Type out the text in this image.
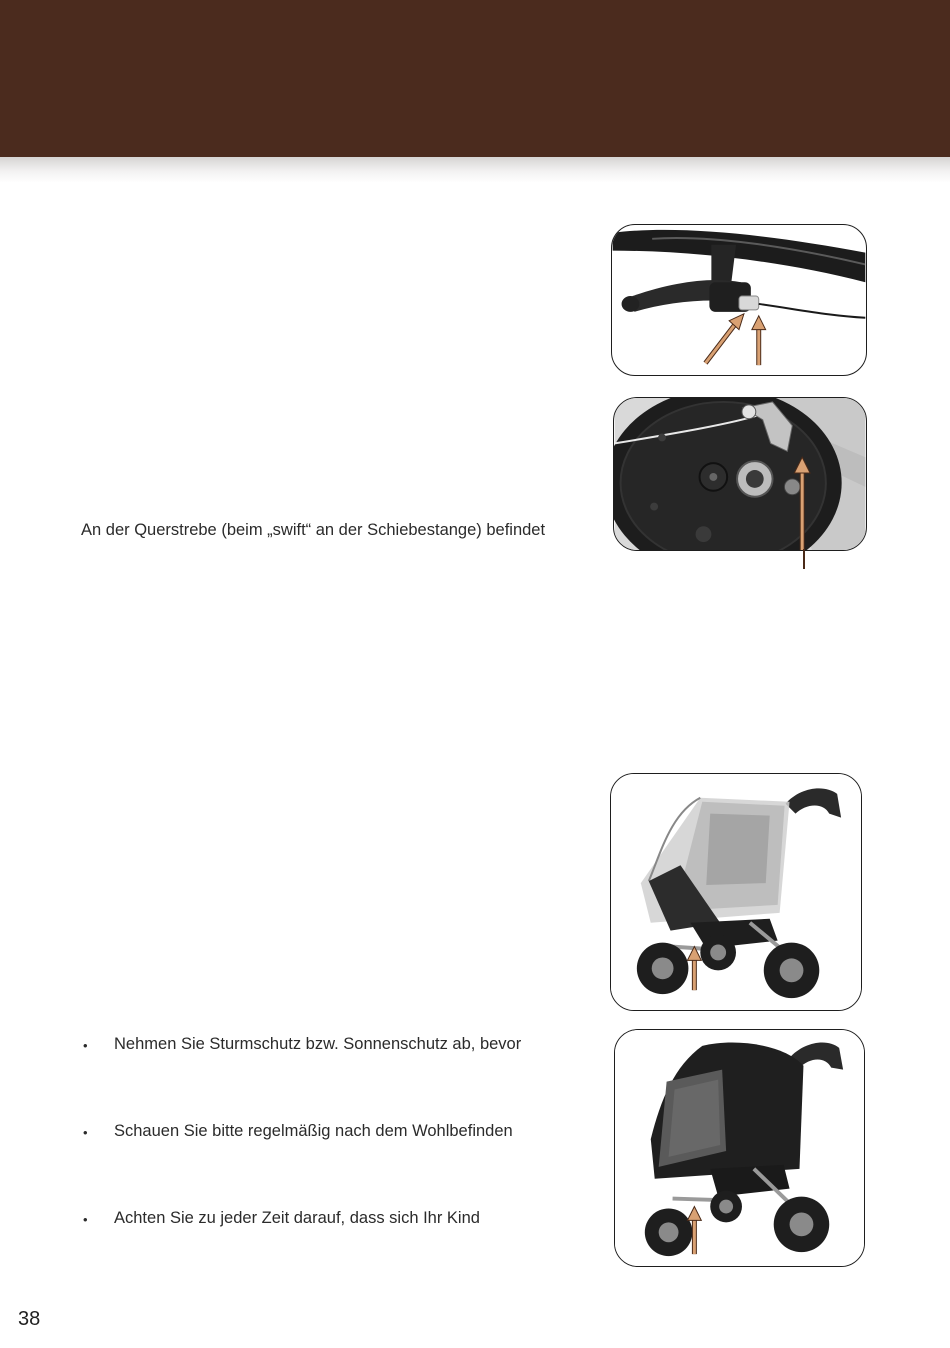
An der Querstrebe (beim „swift“ an der Schiebestange) befindet
• Nehmen Sie Sturmschutz bzw. Sonnenschutz ab, bevor
• Schauen Sie bitte regelmäßig nach dem Wohlbefinden
• Achten Sie zu jeder Zeit darauf, dass sich Ihr Kind
38
